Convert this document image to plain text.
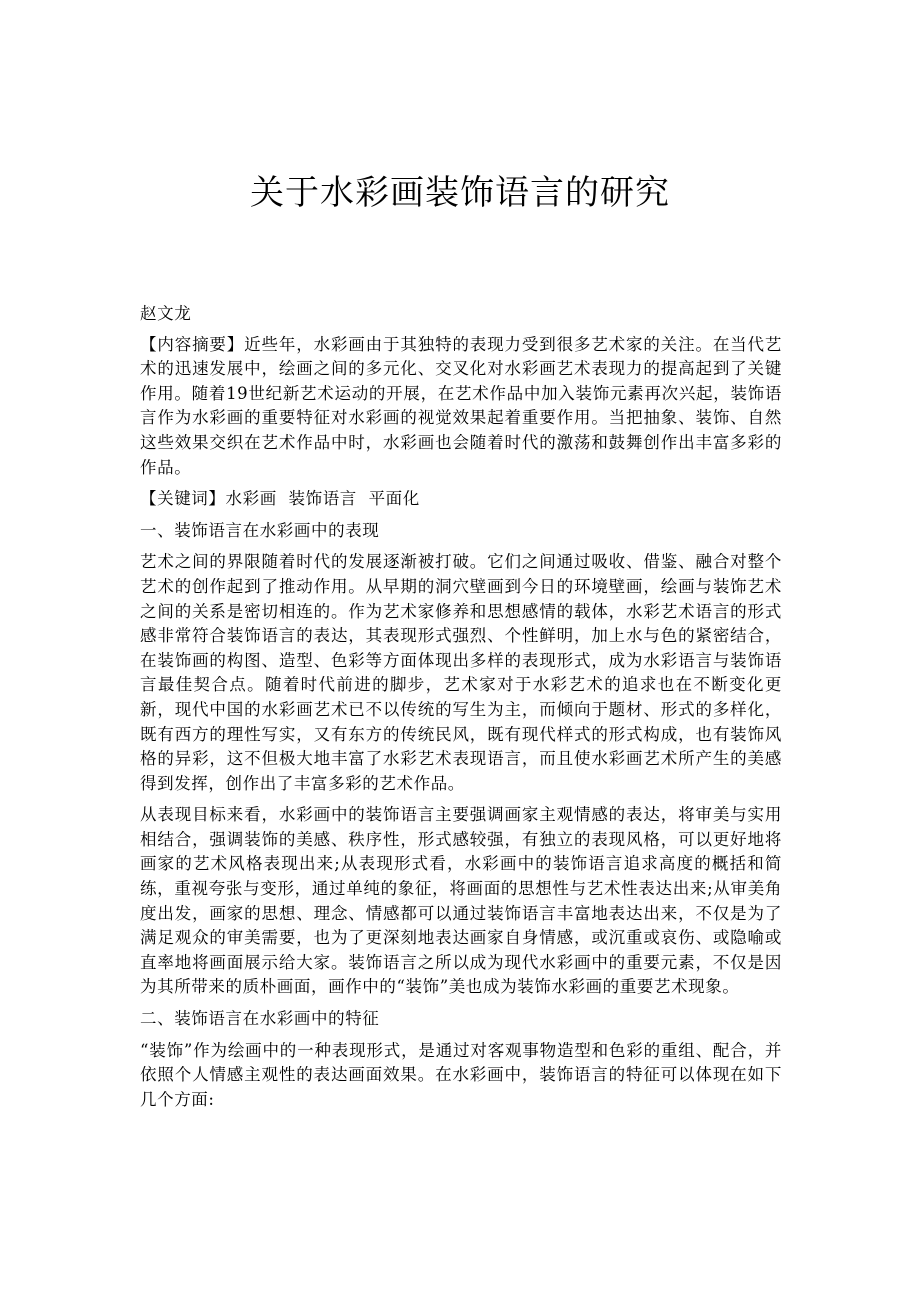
关于水彩画装饰语言的研究

赵文龙

【内容摘要】近些年，水彩画由于其独特的表现力受到很多艺术家的关注。在当代艺术的迅速发展中，绘画之间的多元化、交叉化对水彩画艺术表现力的提高起到了关键作用。随着19世纪新艺术运动的开展，在艺术作品中加入装饰元素再次兴起，装饰语言作为水彩画的重要特征对水彩画的视觉效果起着重要作用。当把抽象、装饰、自然这些效果交织在艺术作品中时，水彩画也会随着时代的激荡和鼓舞创作出丰富多彩的作品。

【关键词】水彩画  装饰语言  平面化

一、装饰语言在水彩画中的表现

艺术之间的界限随着时代的发展逐渐被打破。它们之间通过吸收、借鉴、融合对整个艺术的创作起到了推动作用。从早期的洞穴壁画到今日的环境壁画，绘画与装饰艺术之间的关系是密切相连的。作为艺术家修养和思想感情的载体，水彩艺术语言的形式感非常符合装饰语言的表达，其表现形式强烈、个性鲜明，加上水与色的紧密结合，在装饰画的构图、造型、色彩等方面体现出多样的表现形式，成为水彩语言与装饰语言最佳契合点。随着时代前进的脚步，艺术家对于水彩艺术的追求也在不断变化更新，现代中国的水彩画艺术已不以传统的写生为主，而倾向于题材、形式的多样化，既有西方的理性写实，又有东方的传统民风，既有现代样式的形式构成，也有装饰风格的异彩，这不但极大地丰富了水彩艺术表现语言，而且使水彩画艺术所产生的美感得到发挥，创作出了丰富多彩的艺术作品。

从表现目标来看，水彩画中的装饰语言主要强调画家主观情感的表达，将审美与实用相结合，强调装饰的美感、秩序性，形式感较强，有独立的表现风格，可以更好地将画家的艺术风格表现出来;从表现形式看，水彩画中的装饰语言追求高度的概括和简练，重视夸张与变形，通过单纯的象征，将画面的思想性与艺术性表达出来;从审美角度出发，画家的思想、理念、情感都可以通过装饰语言丰富地表达出来，不仅是为了满足观众的审美需要，也为了更深刻地表达画家自身情感，或沉重或哀伤、或隐喻或直率地将画面展示给大家。装饰语言之所以成为现代水彩画中的重要元素，不仅是因为其所带来的质朴画面，画作中的“装饰”美也成为装饰水彩画的重要艺术现象。

二、装饰语言在水彩画中的特征

“装饰”作为绘画中的一种表现形式，是通过对客观事物造型和色彩的重组、配合，并依照个人情感主观性的表达画面效果。在水彩画中，装饰语言的特征可以体现在如下几个方面:
